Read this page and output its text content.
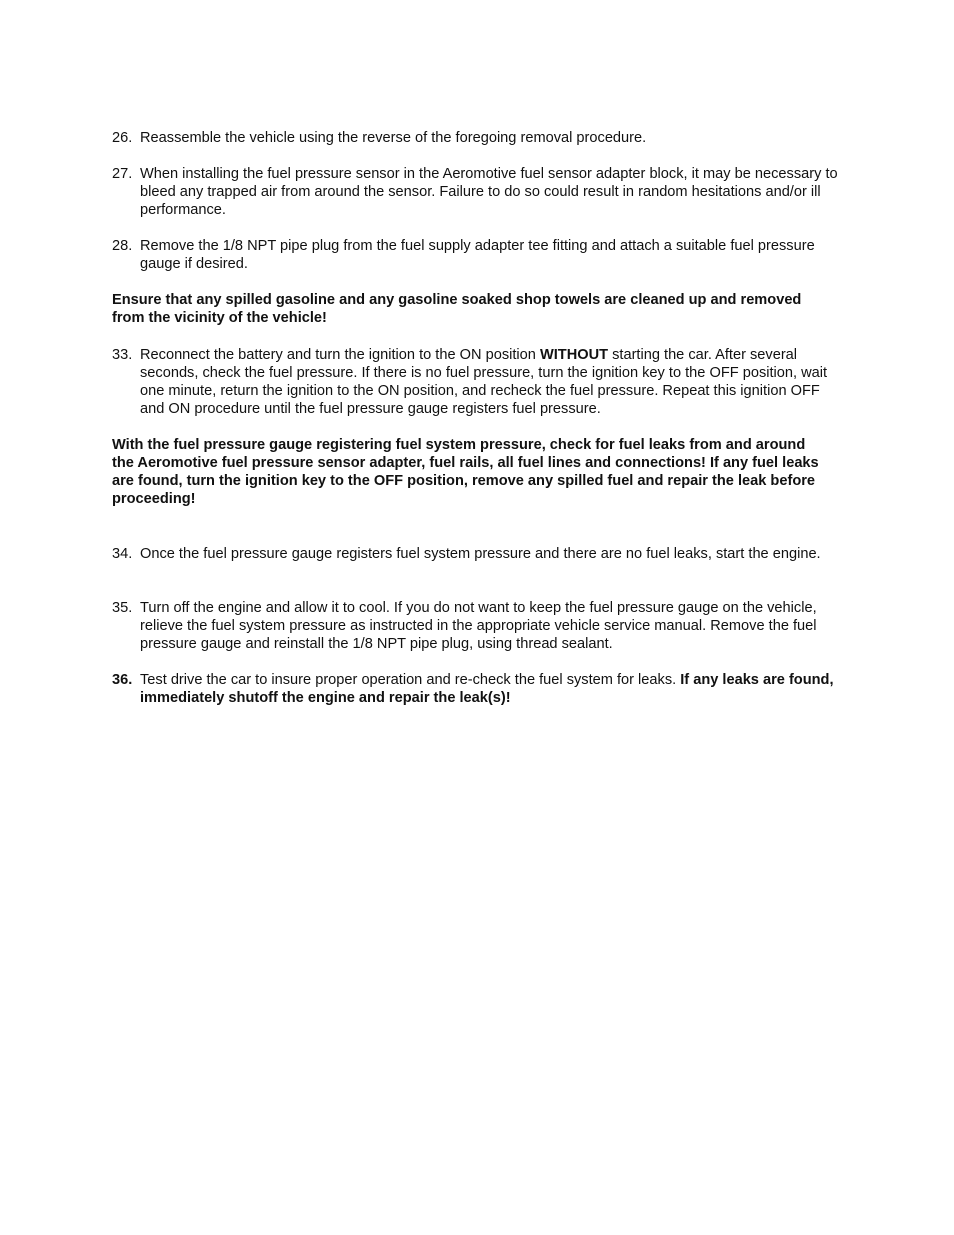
26. Reassemble the vehicle using the reverse of the foregoing removal procedure.
27. When installing the fuel pressure sensor in the Aeromotive fuel sensor adapter block, it may be necessary to bleed any trapped air from around the sensor. Failure to do so could result in random hesitations and/or ill performance.
28. Remove the 1/8 NPT pipe plug from the fuel supply adapter tee fitting and attach a suitable fuel pressure gauge if desired.
Ensure that any spilled gasoline and any gasoline soaked shop towels are cleaned up and removed from the vicinity of the vehicle!
33. Reconnect the battery and turn the ignition to the ON position WITHOUT starting the car. After several seconds, check the fuel pressure. If there is no fuel pressure, turn the ignition key to the OFF position, wait one minute, return the ignition to the ON position, and recheck the fuel pressure. Repeat this ignition OFF and ON procedure until the fuel pressure gauge registers fuel pressure.
With the fuel pressure gauge registering fuel system pressure, check for fuel leaks from and around the Aeromotive fuel pressure sensor adapter, fuel rails, all fuel lines and connections! If any fuel leaks are found, turn the ignition key to the OFF position, remove any spilled fuel and repair the leak before proceeding!
34. Once the fuel pressure gauge registers fuel system pressure and there are no fuel leaks, start the engine.
35. Turn off the engine and allow it to cool. If you do not want to keep the fuel pressure gauge on the vehicle, relieve the fuel system pressure as instructed in the appropriate vehicle service manual. Remove the fuel pressure gauge and reinstall the 1/8 NPT pipe plug, using thread sealant.
36. Test drive the car to insure proper operation and re-check the fuel system for leaks. If any leaks are found, immediately shutoff the engine and repair the leak(s)!
